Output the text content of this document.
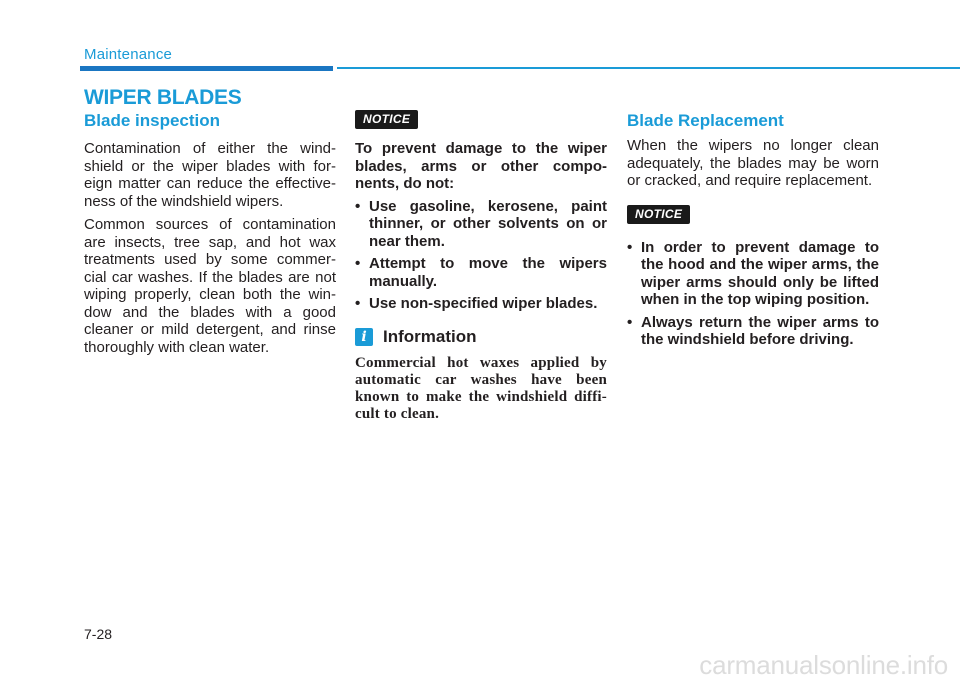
Maintenance
WIPER BLADES
Blade inspection

Contamination of either the wind-shield or the wiper blades with for-eign matter can reduce the effective-ness of the windshield wipers.

Common sources of contamination are insects, tree sap, and hot wax treatments used by some commer-cial car washes. If the blades are not wiping properly, clean both the win-dow and the blades with a good cleaner or mild detergent, and rinse thoroughly with clean water.

NOTICE

To prevent damage to the wiper blades, arms or other compo-nents, do not:

• Use gasoline, kerosene, paint thinner, or other solvents on or near them.
• Attempt to move the wipers manually.
• Use non-specified wiper blades.
i Information

Commercial hot waxes applied by automatic car washes have been known to make the windshield diffi-cult to clean.

Blade Replacement

When the wipers no longer clean adequately, the blades may be worn or cracked, and require replacement.

NOTICE
• In order to prevent damage to the hood and the wiper arms, the wiper arms should only be lifted when in the top wiping position.
• Always return the wiper arms to the windshield before driving.
7-28
carmanualsonline.info
